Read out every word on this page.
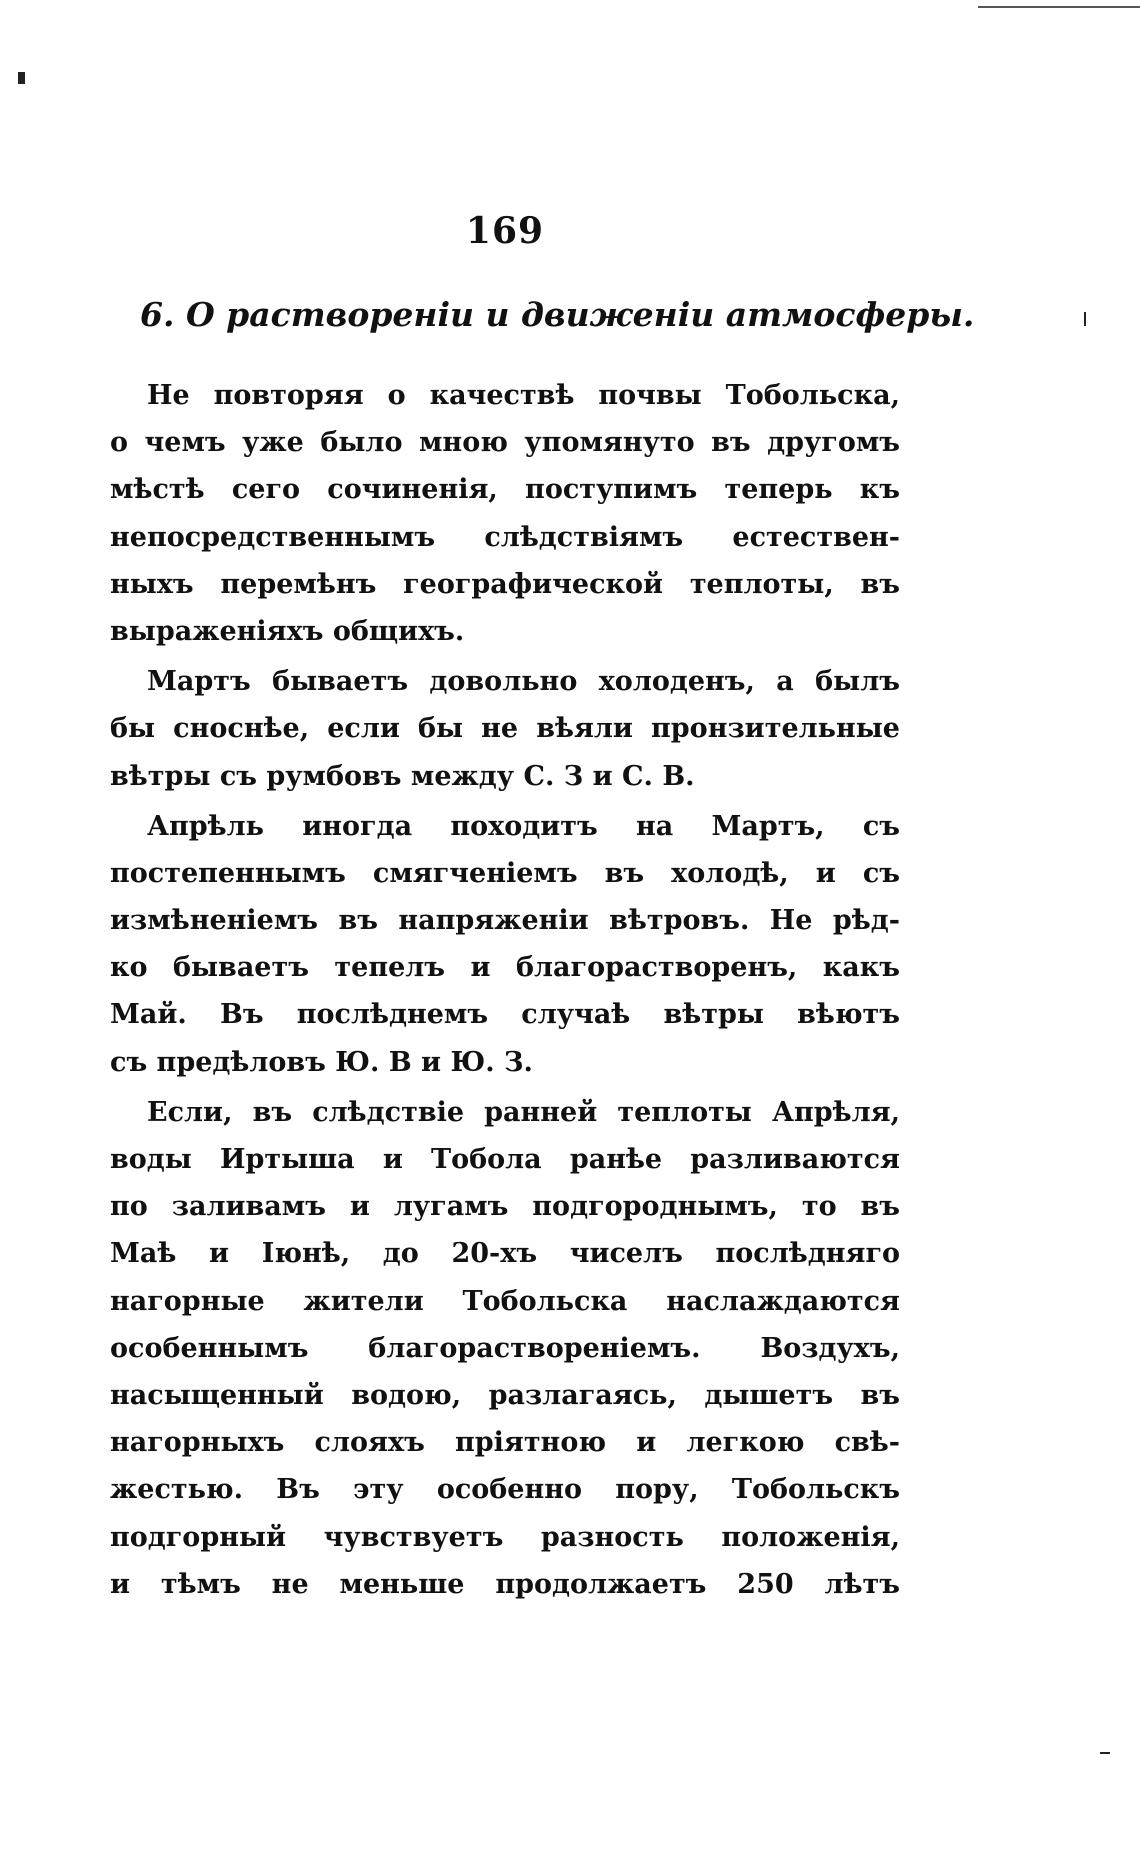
169
6. О раствореніи и движеніи атмосферы.
Не повторяя о качествѣ почвы Тобольска,
о чемъ уже было мною упомянуто въ другомъ
мѣстѣ сего сочиненія, поступимъ теперь къ
непосредственнымъ слѣдствіямъ естествен-
ныхъ перемѣнъ географической теплоты, въ
выраженіяхъ общихъ.
Мартъ бываетъ довольно холоденъ, а былъ
бы сноснѣе, если бы не вѣяли пронзительные
вѣтры съ румбовъ между С. З и С. В.
Апрѣль иногда походитъ на Мартъ, съ
постепеннымъ смягченіемъ въ холодѣ, и съ
измѣненіемъ въ напряженіи вѣтровъ. Не рѣд-
ко бываетъ тепелъ и благорастворенъ, какъ
Май. Въ послѣднемъ случаѣ вѣтры вѣютъ
съ предѣловъ Ю. В и Ю. З.
Если, въ слѣдствіе ранней теплоты Апрѣля,
воды Иртыша и Тобола ранѣе разливаются
по заливамъ и лугамъ подгороднымъ, то въ
Маѣ и Іюнѣ, до 20-хъ чиселъ послѣдняго
нагорные жители Тобольска наслаждаются
особеннымъ благорастворенiемъ. Воздухъ,
насыщенный водою, разлагаясь, дышетъ въ
нагорныхъ слояхъ пріятною и легкою свѣ-
жестью. Въ эту особенно пору, Тобольскъ
подгорный чувствуетъ разность положенія,
и тѣмъ не меньше продолжаетъ 250 лѣтъ
